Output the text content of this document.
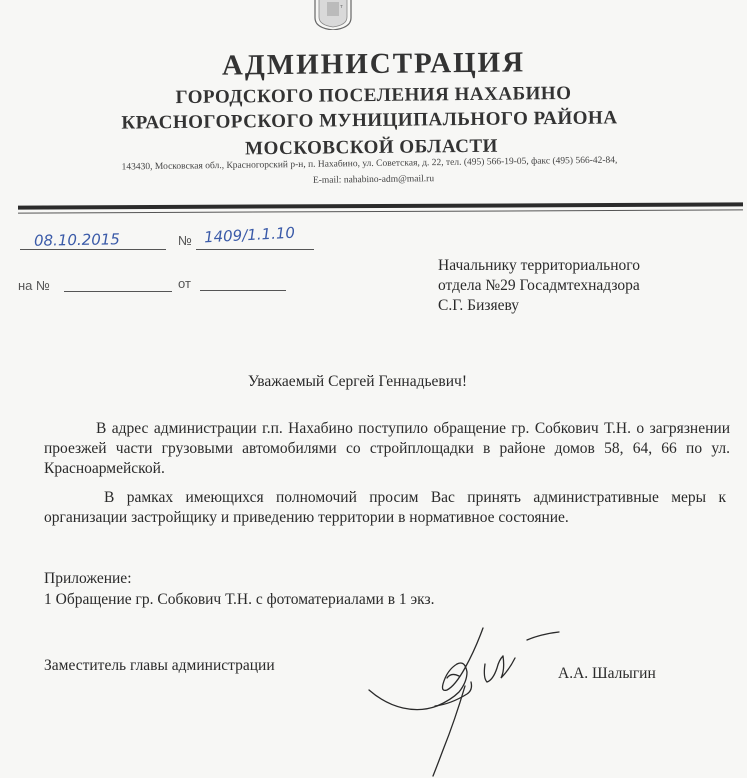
т
АДМИНИСТРАЦИЯ
ГОРОДСКОГО ПОСЕЛЕНИЯ НАХАБИНО
КРАСНОГОРСКОГО МУНИЦИПАЛЬНОГО РАЙОНА
МОСКОВСКОЙ ОБЛАСТИ
143430, Московская обл., Красногорский р-н, п. Нахабино, ул. Советская, д. 22, тел. (495) 566-19-05, факс (495) 566-42-84,
E-mail: nahabino-adm@mail.ru
08.10.2015	№ 1409/1.1.10
на №	от
Начальнику территориального
отдела №29 Госадмтехнадзора
С.Г. Бизяеву
Уважаемый Сергей Геннадьевич!
В адрес администрации г.п. Нахабино поступило обращение гр. Собкович Т.Н. о загрязнении проезжей части грузовыми автомобилями со стройплощадки в районе домов 58, 64, 66 по ул. Красноармейской.
В рамках имеющихся полномочий просим Вас принять административные меры к организации застройщику и приведению территории в нормативное состояние.
Приложение:
1 Обращение гр. Собкович Т.Н. с фотоматериалами в 1 экз.
Заместитель главы администрации	А.А. Шалыгин
